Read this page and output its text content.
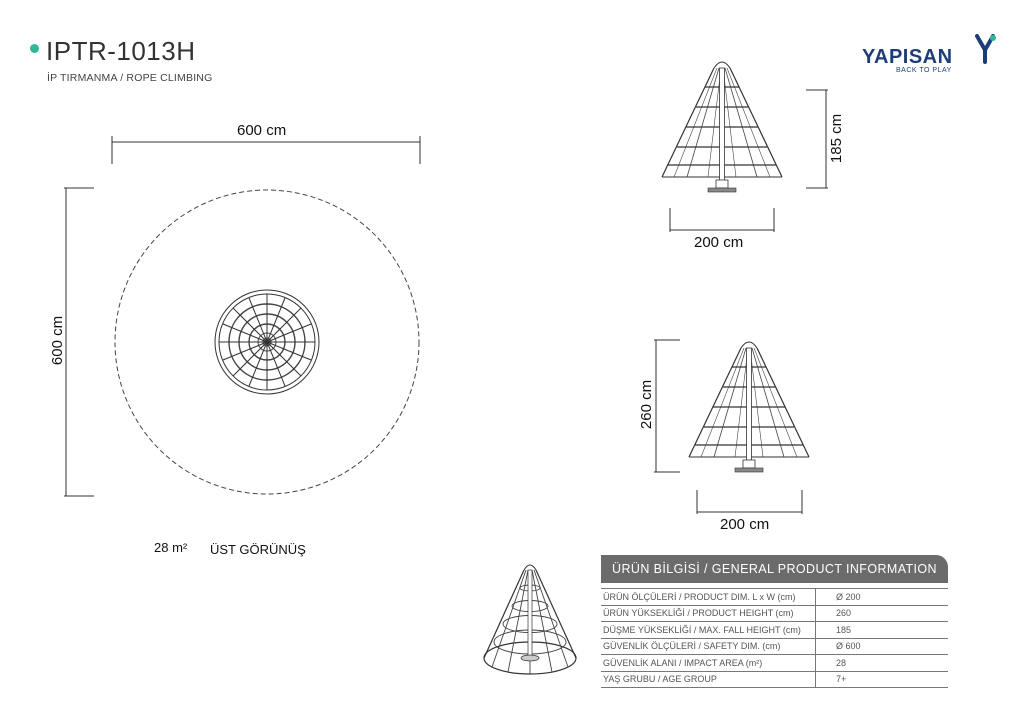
IPTR-1013H
İP TIRMANMA / ROPE CLIMBING
YAPISAN
BACK TO PLAY
600 cm
600 cm
28 m² ÜST GÖRÜNÜŞ
185 cm
200 cm
260 cm
200 cm
ÜRÜN BİLGİSİ / GENERAL PRODUCT INFORMATION
ÜRÜN ÖLÇÜLERİ / PRODUCT DIM. L x W (cm)	Ø 200
ÜRÜN YÜKSEKLİĞİ / PRODUCT HEIGHT (cm)	260
DÜŞME YÜKSEKLİĞİ / MAX. FALL HEIGHT (cm)	185
GÜVENLİK ÖLÇÜLERİ / SAFETY DIM. (cm)	Ø 600
GÜVENLİK ALANI / IMPACT AREA (m²)	28
YAŞ GRUBU / AGE GROUP	7+
